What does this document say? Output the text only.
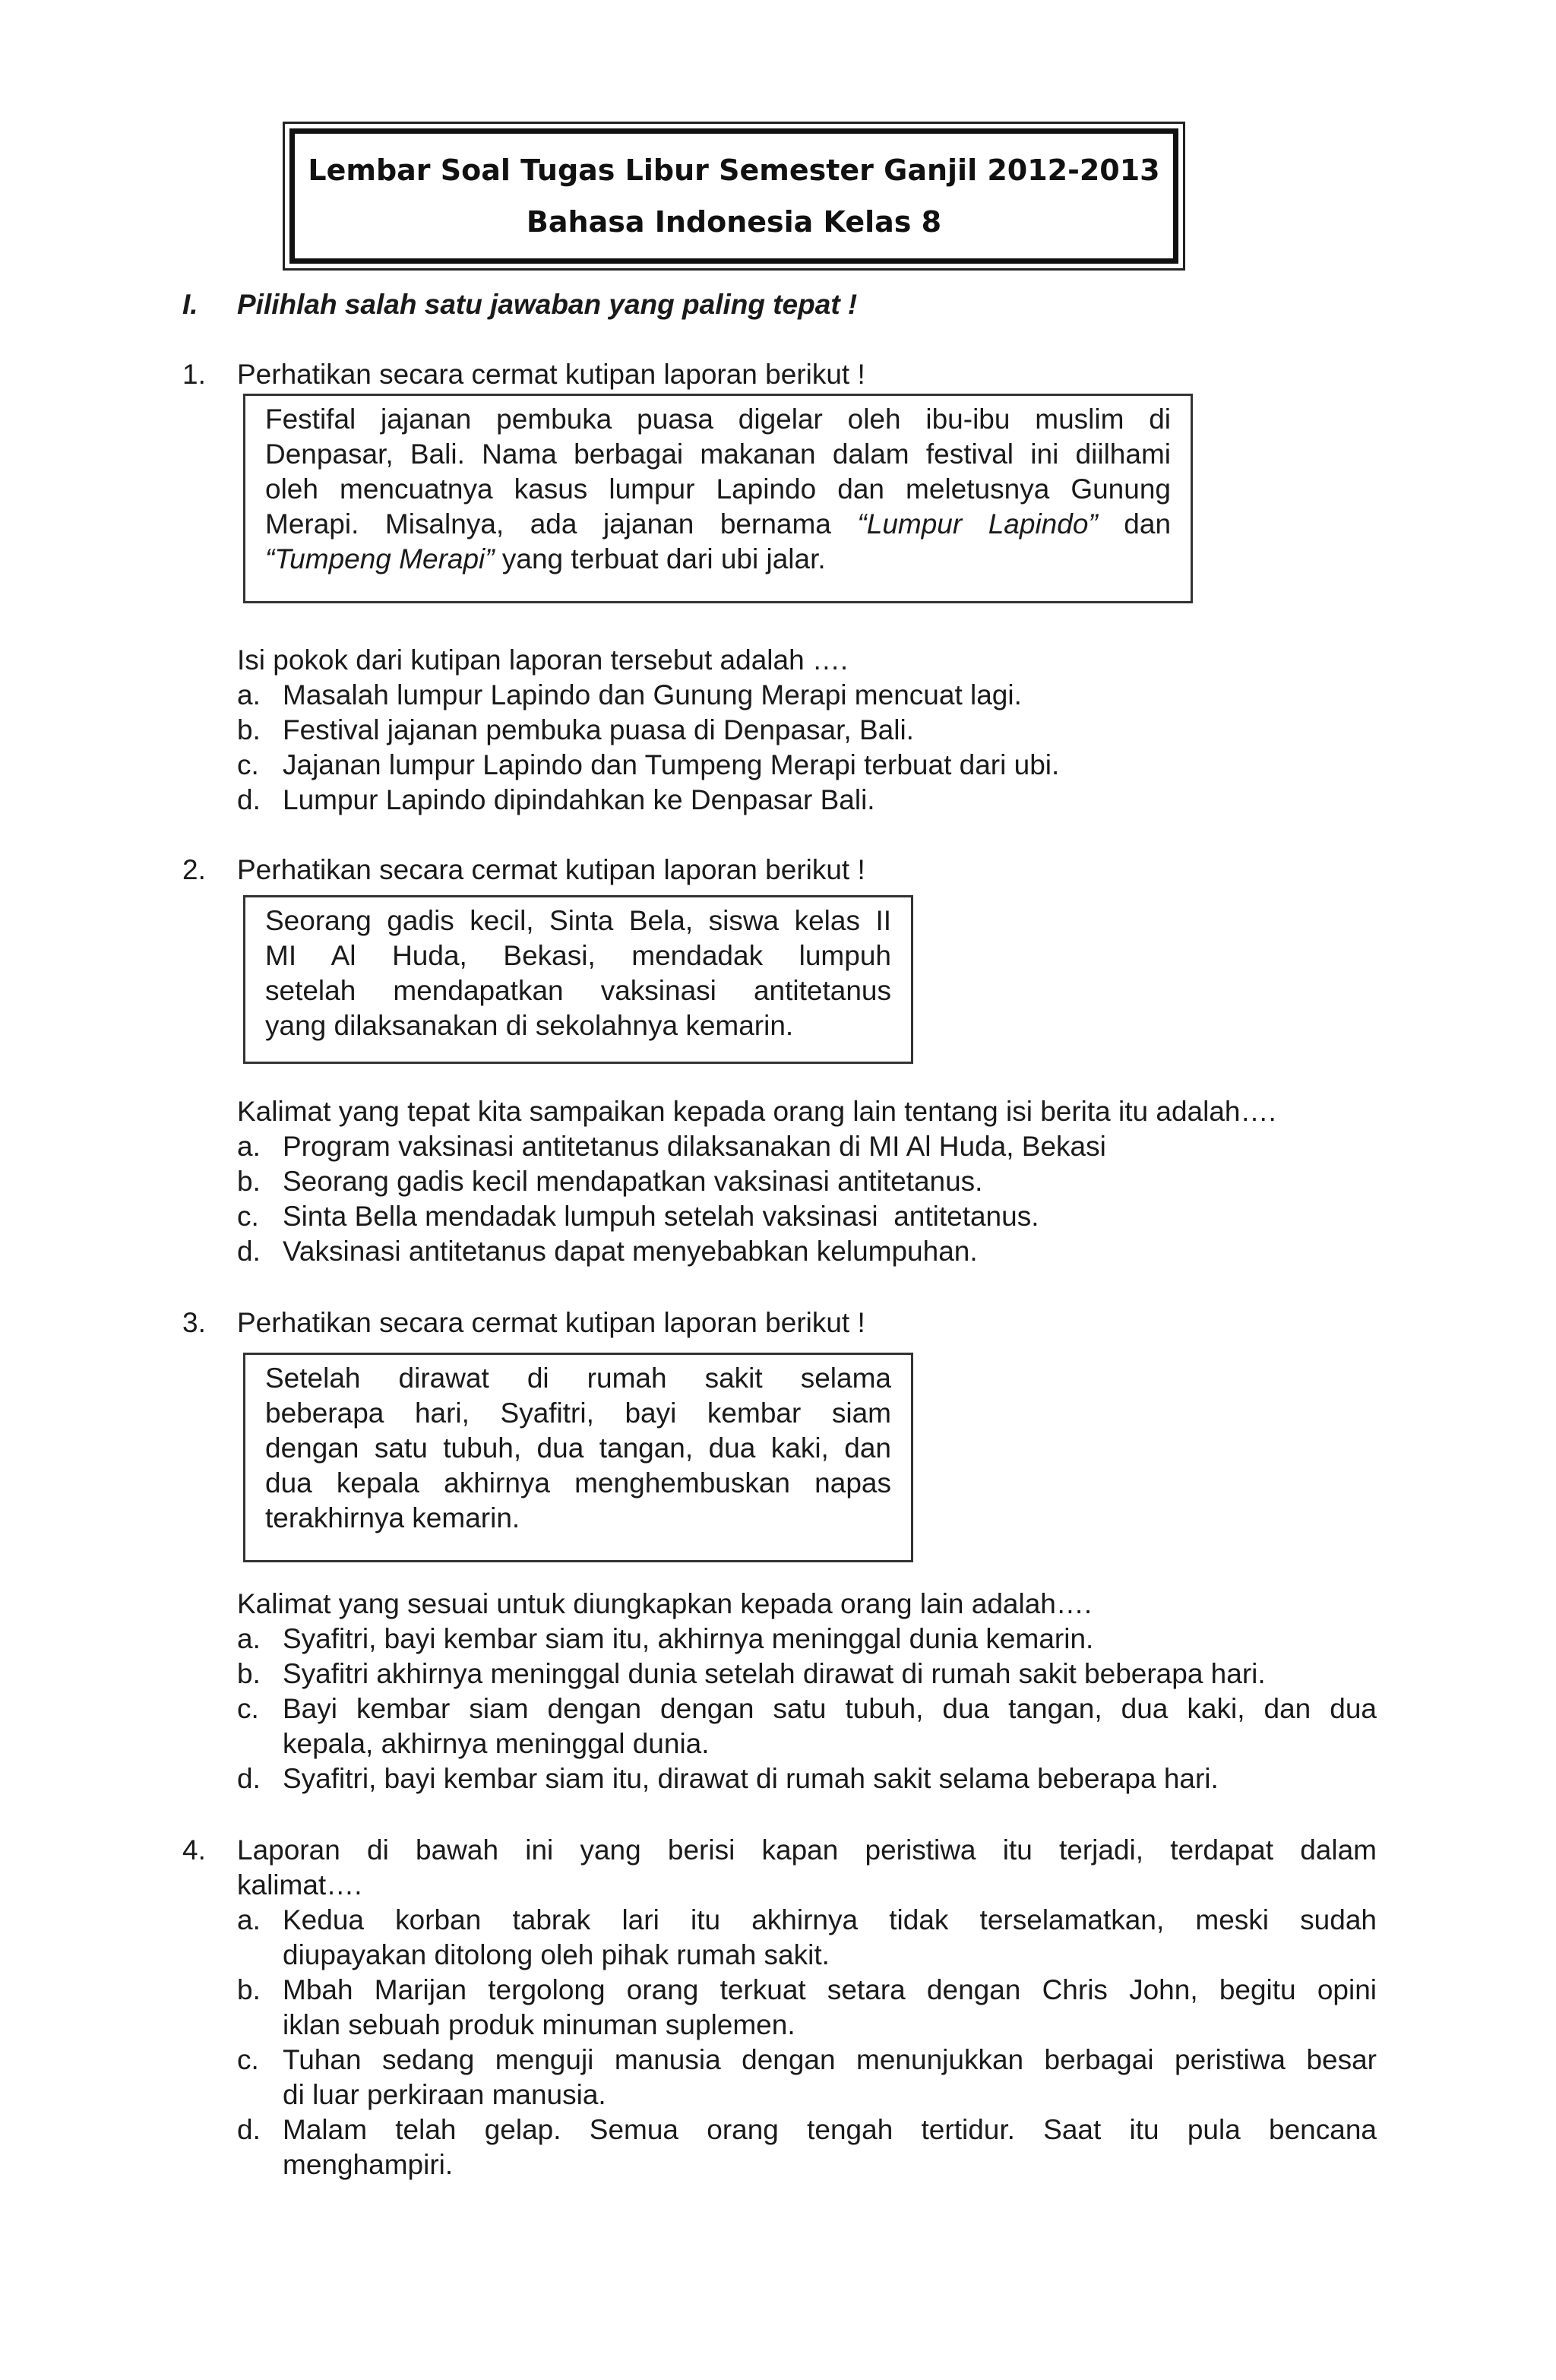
Lembar Soal Tugas Libur Semester Ganjil 2012-2013
Bahasa Indonesia Kelas 8
I. Pilihlah salah satu jawaban yang paling tepat !
1. Perhatikan secara cermat kutipan laporan berikut !
Festifal jajanan pembuka puasa digelar oleh ibu-ibu muslim di
Denpasar, Bali. Nama berbagai makanan dalam festival ini diilhami
oleh mencuatnya kasus lumpur Lapindo dan meletusnya Gunung
Merapi. Misalnya, ada jajanan bernama “Lumpur Lapindo” dan
“Tumpeng Merapi” yang terbuat dari ubi jalar.
Isi pokok dari kutipan laporan tersebut adalah ….
a. Masalah lumpur Lapindo dan Gunung Merapi mencuat lagi.
b. Festival jajanan pembuka puasa di Denpasar, Bali.
c. Jajanan lumpur Lapindo dan Tumpeng Merapi terbuat dari ubi.
d. Lumpur Lapindo dipindahkan ke Denpasar Bali.
2. Perhatikan secara cermat kutipan laporan berikut !
Seorang gadis kecil, Sinta Bela, siswa kelas II
MI Al Huda, Bekasi, mendadak lumpuh
setelah mendapatkan vaksinasi antitetanus
yang dilaksanakan di sekolahnya kemarin.
Kalimat yang tepat kita sampaikan kepada orang lain tentang isi berita itu adalah….
a. Program vaksinasi antitetanus dilaksanakan di MI Al Huda, Bekasi
b. Seorang gadis kecil mendapatkan vaksinasi antitetanus.
c. Sinta Bella mendadak lumpuh setelah vaksinasi  antitetanus.
d. Vaksinasi antitetanus dapat menyebabkan kelumpuhan.
3. Perhatikan secara cermat kutipan laporan berikut !
Setelah dirawat di rumah sakit selama
beberapa hari, Syafitri, bayi kembar siam
dengan satu tubuh, dua tangan, dua kaki, dan
dua kepala akhirnya menghembuskan napas
terakhirnya kemarin.
Kalimat yang sesuai untuk diungkapkan kepada orang lain adalah….
a. Syafitri, bayi kembar siam itu, akhirnya meninggal dunia kemarin.
b. Syafitri akhirnya meninggal dunia setelah dirawat di rumah sakit beberapa hari.
c. Bayi kembar siam dengan dengan satu tubuh, dua tangan, dua kaki, dan dua
kepala, akhirnya meninggal dunia.
d. Syafitri, bayi kembar siam itu, dirawat di rumah sakit selama beberapa hari.
4.	Laporan di bawah ini yang berisi kapan peristiwa itu terjadi, terdapat dalam
kalimat….
a. Kedua korban tabrak lari itu akhirnya tidak terselamatkan, meski sudah
diupayakan ditolong oleh pihak rumah sakit.
b. Mbah Marijan tergolong orang terkuat setara dengan Chris John, begitu opini
iklan sebuah produk minuman suplemen.
c. Tuhan sedang menguji manusia dengan menunjukkan berbagai peristiwa besar
di luar perkiraan manusia.
d. Malam telah gelap. Semua orang tengah tertidur. Saat itu pula bencana
menghampiri.
